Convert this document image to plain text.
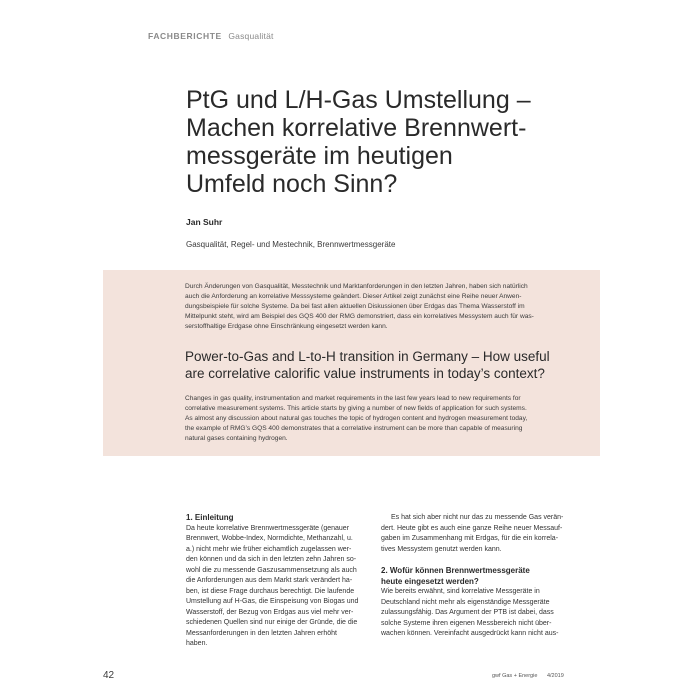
FACHBERICHTE Gasqualität
PtG und L/H-Gas Umstellung –
Machen korrelative Brennwert-
messgeräte im heutigen
Umfeld noch Sinn?
Jan Suhr
Gasqualität, Regel- und Mestechnik, Brennwertmessgeräte
Durch Änderungen von Gasqualität, Messtechnik und Marktanforderungen in den letzten Jahren, haben sich natürlich
auch die Anforderung an korrelative Messsysteme geändert. Dieser Artikel zeigt zunächst eine Reihe neuer Anwen-
dungsbeispiele für solche Systeme. Da bei fast allen aktuellen Diskussionen über Erdgas das Thema Wasserstoff im
Mittelpunkt steht, wird am Beispiel des GQS 400 der RMG demonstriert, dass ein korrelatives Messystem auch für was-
serstoffhaltige Erdgase ohne Einschränkung eingesetzt werden kann.
Power-to-Gas and L-to-H transition in Germany – How useful
are correlative calorific value instruments in today’s context?
Changes in gas quality, instrumentation and market requirements in the last few years lead to new requirements for
correlative measurement systems. This article starts by giving a number of new fields of application for such systems.
As almost any discussion about natural gas touches the topic of hydrogen content and hydrogen measurement today,
the example of RMG’s GQS 400 demonstrates that a correlative instrument can be more than capable of measuring
natural gases containing hydrogen.
1. Einleitung
Da heute korrelative Brennwertmessgeräte (genauer
Brennwert, Wobbe-Index, Normdichte, Methanzahl, u.
a.) nicht mehr wie früher eichamtlich zugelassen wer-
den können und da sich in den letzten zehn Jahren so-
wohl die zu messende Gaszusammensetzung als auch
die Anforderungen aus dem Markt stark verändert ha-
ben, ist diese Frage durchaus berechtigt. Die laufende
Umstellung auf H-Gas, die Einspeisung von Biogas und
Wasserstoff, der Bezug von Erdgas aus viel mehr ver-
schiedenen Quellen sind nur einige der Gründe, die die
Messanforderungen in den letzten Jahren erhöht
haben.
Es hat sich aber nicht nur das zu messende Gas verän-
dert. Heute gibt es auch eine ganze Reihe neuer Messauf-
gaben im Zusammenhang mit Erdgas, für die ein korrela-
tives Messystem genutzt werden kann.
2. Wofür können Brennwertmessgeräte
heute eingesetzt werden?
Wie bereits erwähnt, sind korrelative Messgeräte in
Deutschland nicht mehr als eigenständige Messgeräte
zulassungsfähig. Das Argument der PTB ist dabei, dass
solche Systeme ihren eigenen Messbereich nicht über-
wachen können. Vereinfacht ausgedrückt kann nicht aus-
42	gwf Gas + Energie 4/2019
